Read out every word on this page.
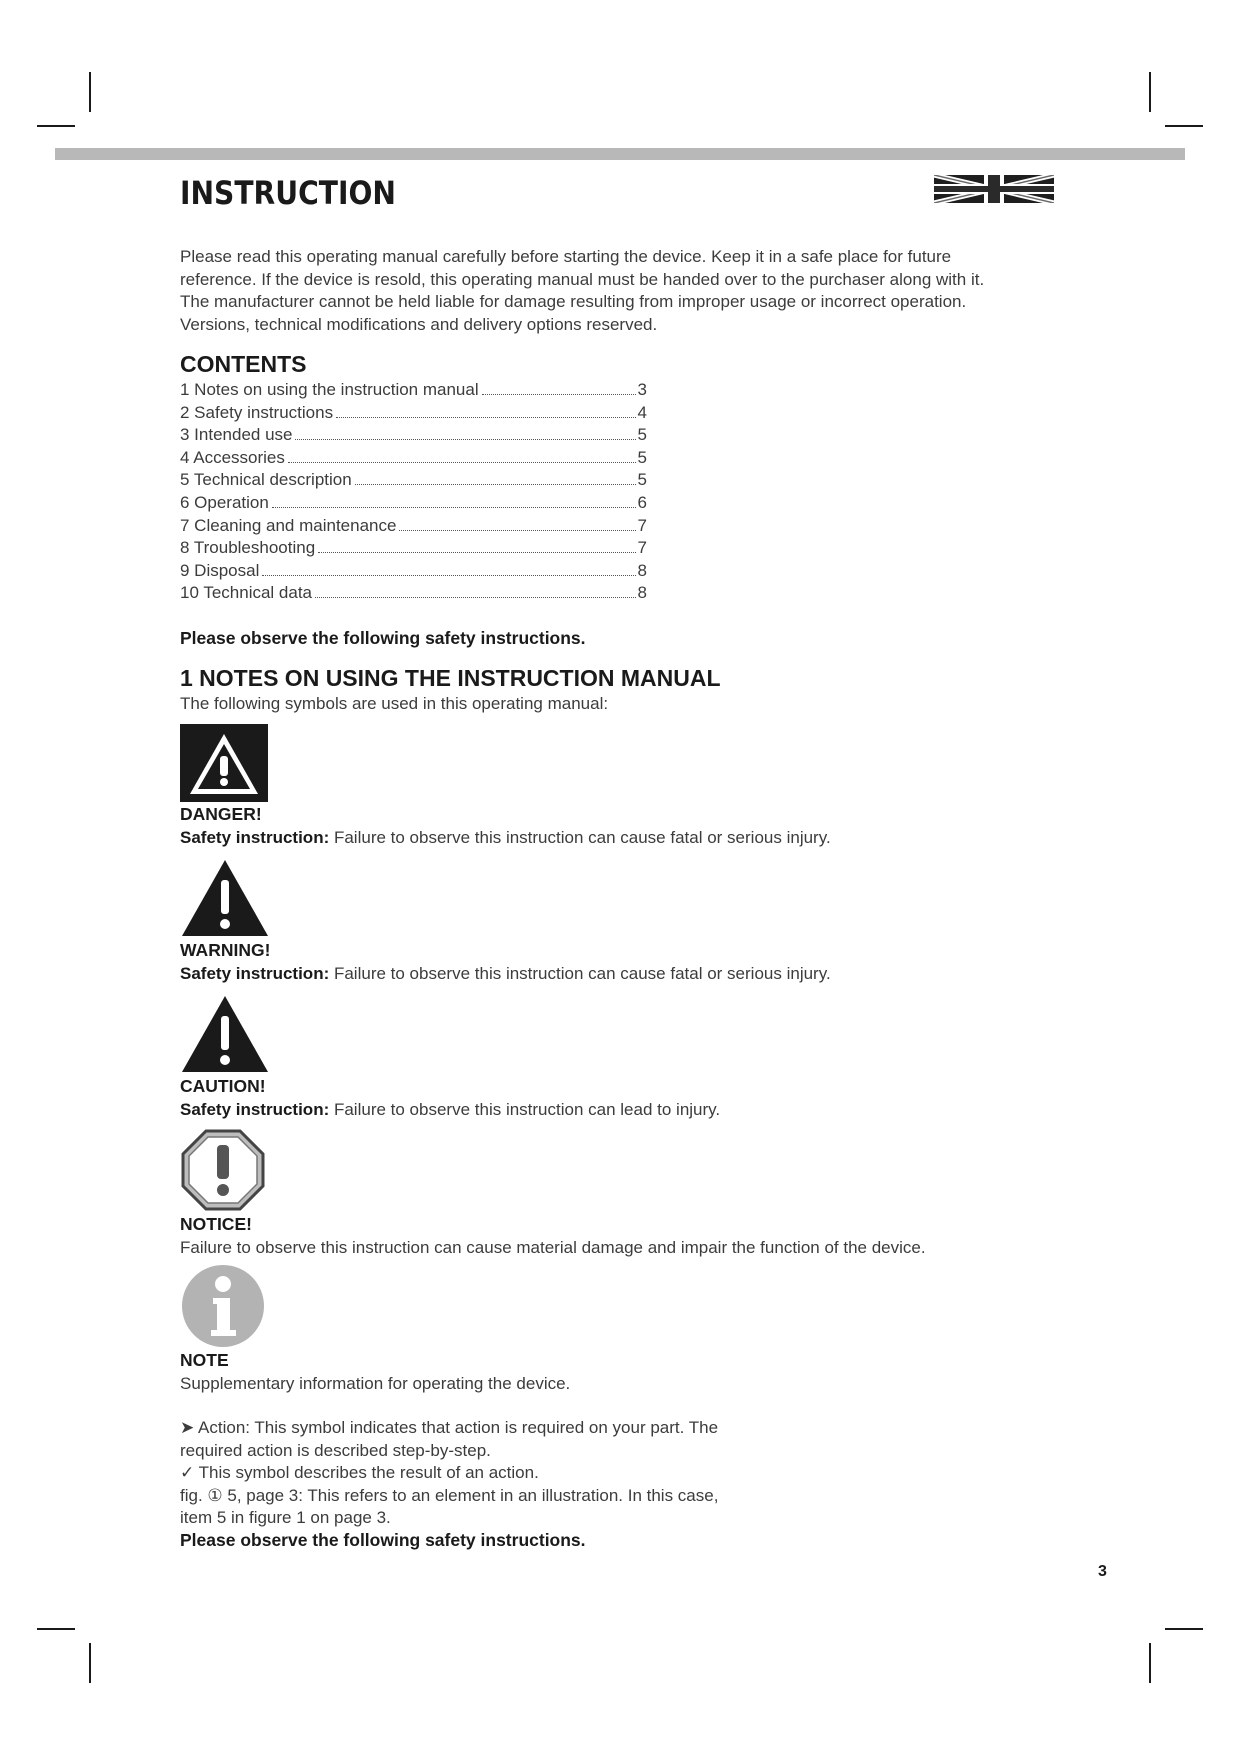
INSTRUCTION

Please read this operating manual carefully before starting the device. Keep it in a safe place for future

reference. If the device is resold, this operating manual must be handed over to the purchaser along with it.

The manufacturer cannot be held liable for damage resulting from improper usage or incorrect operation.

Versions, technical modifications and delivery options reserved.

CONTENTS
1 Notes on using the instruction manual	3
2 Safety instructions	4
3 Intended use	5
4 Accessories	5
5 Technical description	5
6 Operation	6
7 Cleaning and maintenance	7
8 Troubleshooting	7
9 Disposal	8
10 Technical data	8

Please observe the following safety instructions.

1 NOTES ON USING THE INSTRUCTION MANUAL

The following symbols are used in this operating manual:

DANGER!

Safety instruction: Failure to observe this instruction can cause fatal or serious injury.

WARNING!

Safety instruction: Failure to observe this instruction can cause fatal or serious injury.

CAUTION!

Safety instruction: Failure to observe this instruction can lead to injury.

NOTICE!

Failure to observe this instruction can cause material damage and impair the function of the device.

NOTE

Supplementary information for operating the device.

➤ Action: This symbol indicates that action is required on your part. The

required action is described step-by-step.

✓ This symbol describes the result of an action.

fig. ① 5, page 3: This refers to an element in an illustration. In this case,

item 5 in figure 1 on page 3.

Please observe the following safety instructions.

3
